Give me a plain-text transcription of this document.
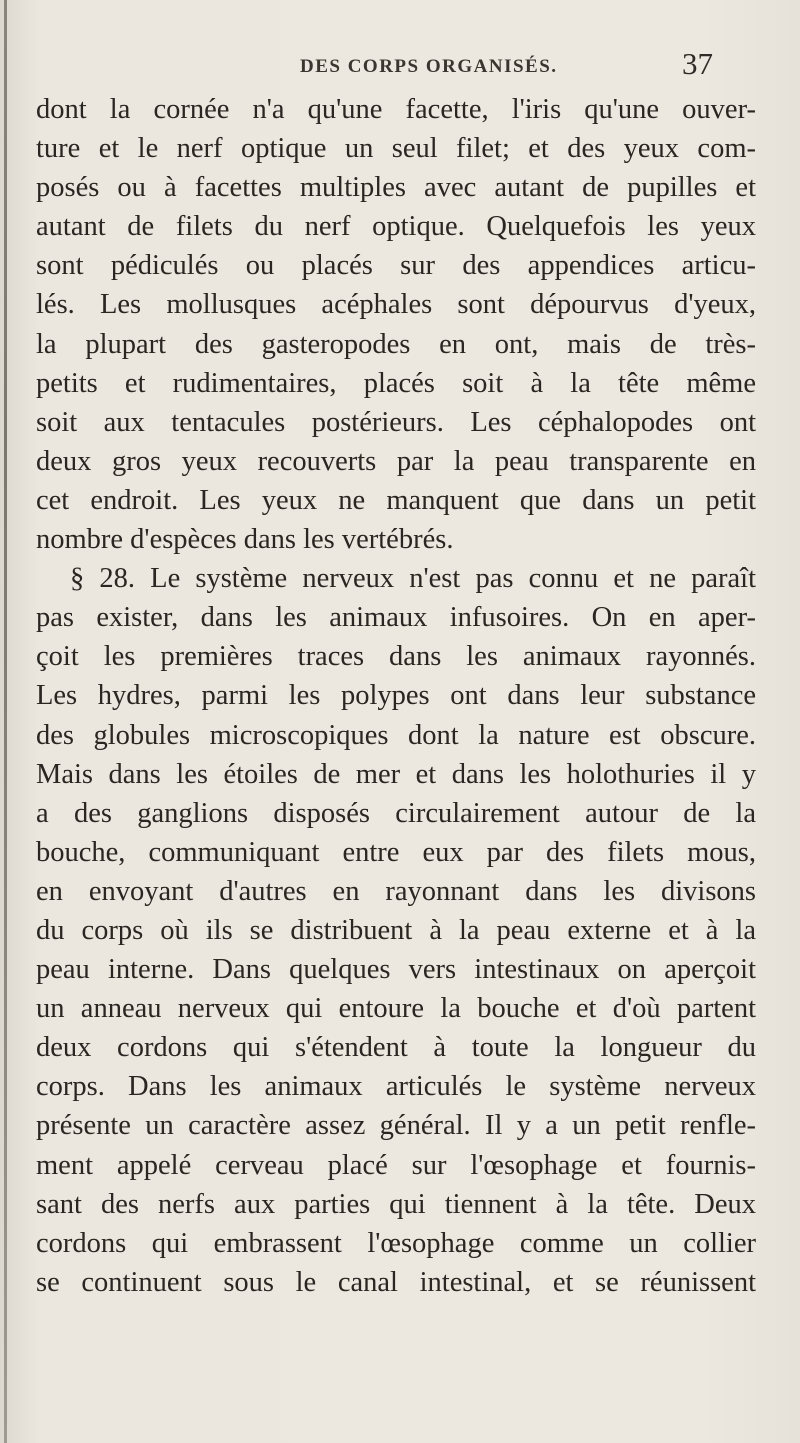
DES CORPS ORGANISÉS.	37
dont la cornée n'a qu'une facette, l'iris qu'une ouver-
ture et le nerf optique un seul filet; et des yeux com-
posés ou à facettes multiples avec autant de pupilles et
autant de filets du nerf optique. Quelquefois les yeux
sont pédiculés ou placés sur des appendices articu-
lés. Les mollusques acéphales sont dépourvus d'yeux,
la plupart des gasteropodes en ont, mais de très-
petits et rudimentaires, placés soit à la tête même
soit aux tentacules postérieurs. Les céphalopodes ont
deux gros yeux recouverts par la peau transparente en
cet endroit. Les yeux ne manquent que dans un petit
nombre d'espèces dans les vertébrés.
§ 28. Le système nerveux n'est pas connu et ne paraît
pas exister, dans les animaux infusoires. On en aper-
çoit les premières traces dans les animaux rayonnés.
Les hydres, parmi les polypes ont dans leur substance
des globules microscopiques dont la nature est obscure.
Mais dans les étoiles de mer et dans les holothuries il y
a des ganglions disposés circulairement autour de la
bouche, communiquant entre eux par des filets mous,
en envoyant d'autres en rayonnant dans les divisons
du corps où ils se distribuent à la peau externe et à la
peau interne. Dans quelques vers intestinaux on aperçoit
un anneau nerveux qui entoure la bouche et d'où partent
deux cordons qui s'étendent à toute la longueur du
corps. Dans les animaux articulés le système nerveux
présente un caractère assez général. Il y a un petit renfle-
ment appelé cerveau placé sur l'œsophage et fournis-
sant des nerfs aux parties qui tiennent à la tête. Deux
cordons qui embrassent l'œsophage comme un collier
se continuent sous le canal intestinal, et se réunissent
